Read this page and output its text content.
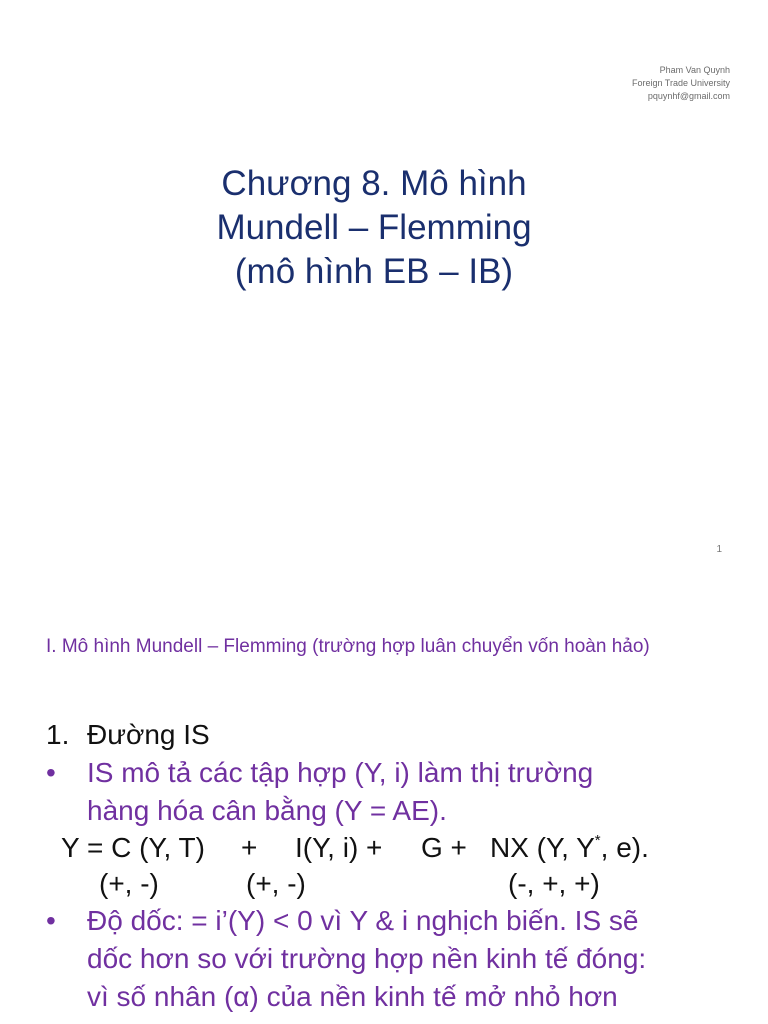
Pham Van Quynh
Foreign Trade University
pquynhf@gmail.com
Chương 8. Mô hình
Mundell – Flemming
(mô hình EB – IB)
1
I. Mô hình Mundell – Flemming (trường hợp luân chuyển vốn hoàn hảo)
1. Đường IS
•	IS mô tả các tập hợp (Y, i) làm thị trường
hàng hóa cân bằng (Y = AE).
Y = C (Y, T) + I(Y, i) + G + NX (Y, Y*, e).
(+, -)	(+, -)	(-, +, +)
•	Độ dốc: = i’(Y) < 0 vì Y & i nghịch biến. IS sẽ
dốc hơn so với trường hợp nền kinh tế đóng:
vì số nhân (α) của nền kinh tế mở nhỏ hơn
